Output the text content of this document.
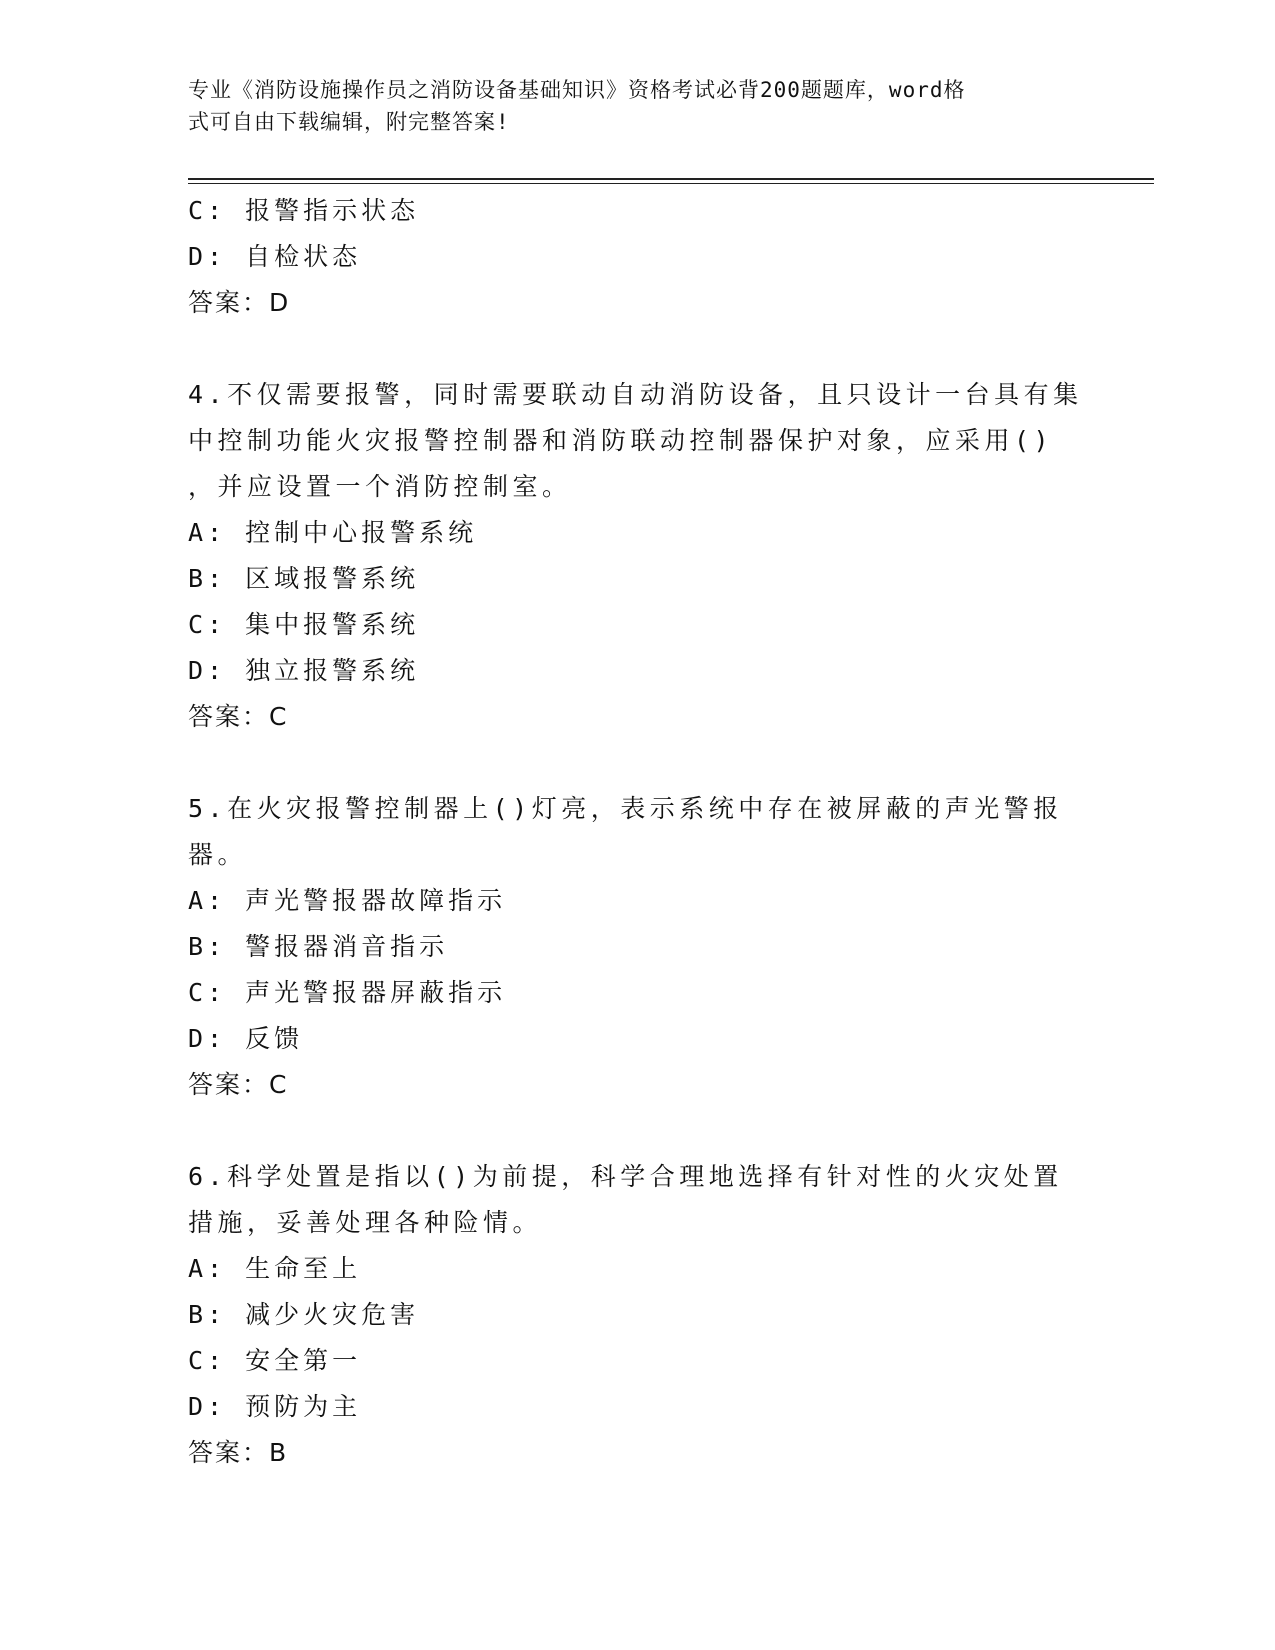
专业《消防设施操作员之消防设备基础知识》资格考试必背200题题库，word格
式可自由下载编辑，附完整答案!
C: 报警指示状态
D: 自检状态
答案：D
4.不仅需要报警，同时需要联动自动消防设备，且只设计一台具有集
中控制功能火灾报警控制器和消防联动控制器保护对象，应采用()
，并应设置一个消防控制室。
A: 控制中心报警系统
B: 区域报警系统
C: 集中报警系统
D: 独立报警系统
答案：C
5.在火灾报警控制器上()灯亮，表示系统中存在被屏蔽的声光警报
器。
A: 声光警报器故障指示
B: 警报器消音指示
C: 声光警报器屏蔽指示
D: 反馈
答案：C
6.科学处置是指以()为前提，科学合理地选择有针对性的火灾处置
措施，妥善处理各种险情。
A: 生命至上
B: 减少火灾危害
C: 安全第一
D: 预防为主
答案：B
